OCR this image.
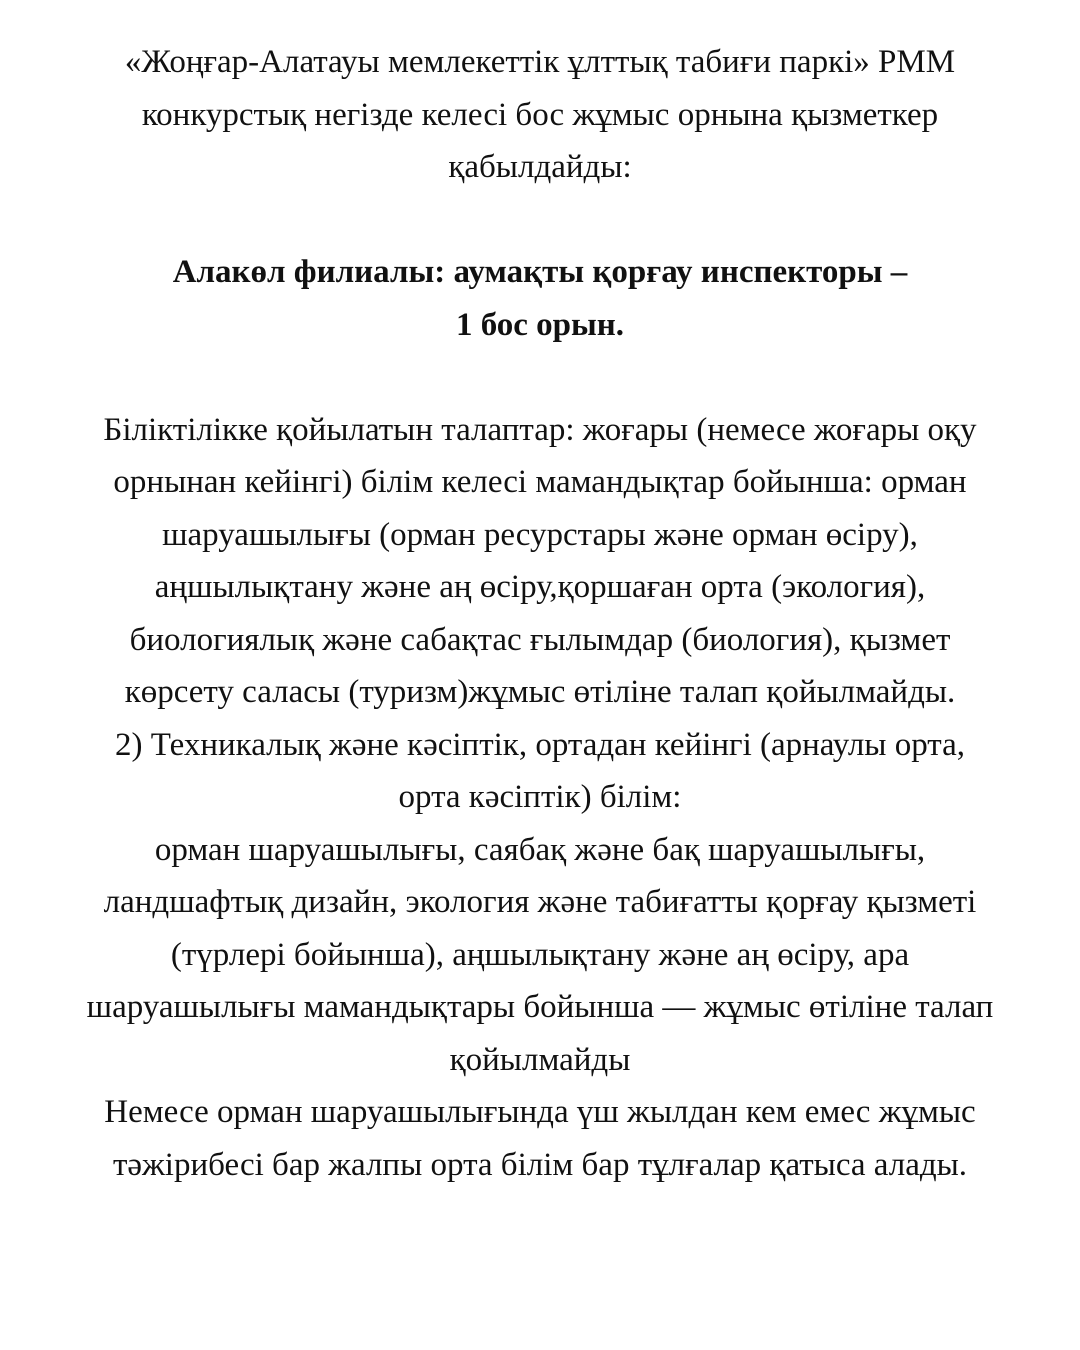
«Жоңғар-Алатауы мемлекеттік ұлттық табиғи паркі» РММ
конкурстық негізде келесі бос жұмыс орнына қызметкер
қабылдайды:
Алакөл филиалы: аумақты қорғау инспекторы –
1 бос орын.
Біліктілікке қойылатын талаптар: жоғары (немесе жоғары оқу
орнынан кейінгі) білім келесі мамандықтар бойынша: орман
шаруашылығы (орман ресурстары және орман өсіру),
аңшылықтану және аң өсіру,қоршаған орта (экология),
биологиялық және сабақтас ғылымдар (биология), қызмет
көрсету саласы (туризм)жұмыс өтіліне талап қойылмайды.
2) Техникалық және кәсіптік, ортадан кейінгі (арнаулы орта,
орта кәсіптік) білім:
орман шаруашылығы, саябақ және бақ шаруашылығы,
ландшафтық дизайн, экология және табиғатты қорғау қызметі
(түрлері бойынша), аңшылықтану және аң өсіру, ара
шаруашылығы мамандықтары бойынша — жұмыс өтіліне талап
қойылмайды
Немесе орман шаруашылығында үш жылдан кем емес жұмыс
тәжірибесі бар жалпы орта білім бар тұлғалар қатыса алады.
